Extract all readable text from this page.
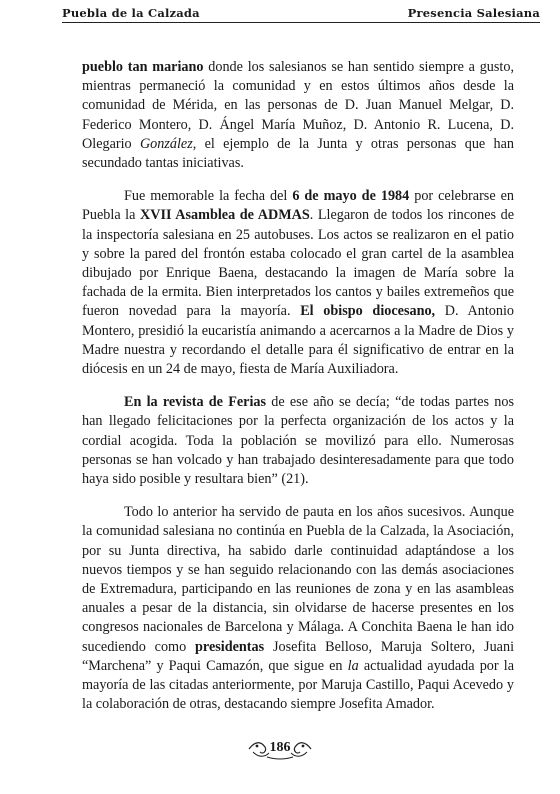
Puebla de la Calzada	Presencia Salesiana

pueblo tan mariano donde los salesianos se han sentido siempre a gusto, mientras permaneció la comunidad y en estos últimos años desde la comunidad de Mérida, en las personas de D. Juan Manuel Melgar, D. Federico Montero, D. Ángel María Muñoz, D. Antonio R. Lucena, D. Olegario González, el ejemplo de la Junta y otras personas que han secundado tantas iniciativas.

Fue memorable la fecha del 6 de mayo de 1984 por celebrarse en Puebla la XVII Asamblea de ADMAS. Llegaron de todos los rincones de la inspectoría salesiana en 25 autobuses. Los actos se realizaron en el patio y sobre la pared del frontón estaba colocado el gran cartel de la asamblea dibujado por Enrique Baena, destacando la imagen de María sobre la fachada de la ermita. Bien interpretados los cantos y bailes extremeños que fueron novedad para la mayoría. El obispo diocesano, D. Antonio Montero, presidió la eucaristía animando a acercarnos a la Madre de Dios y Madre nuestra y recordando el detalle para él significativo de entrar en la diócesis en un 24 de mayo, fiesta de María Auxiliadora.

En la revista de Ferias de ese año se decía; “de todas partes nos han llegado felicitaciones por la perfecta organización de los actos y la cordial acogida. Toda la población se movilizó para ello. Numerosas personas se han volcado y han trabajado desinteresadamente para que todo haya sido posible y resultara bien” (21).

Todo lo anterior ha servido de pauta en los años sucesivos. Aunque la comunidad salesiana no continúa en Puebla de la Calzada, la Asociación, por su Junta directiva, ha sabido darle continuidad adaptándose a los nuevos tiempos y se han seguido relacionando con las demás asociaciones de Extremadura, participando en las reuniones de zona y en las asambleas anuales a pesar de la distancia, sin olvidarse de hacerse presentes en los congresos nacionales de Barcelona y Málaga. A Conchita Baena le han ido sucediendo como presidentas Josefita Belloso, Maruja Soltero, Juani “Marchena” y Paqui Camazón, que sigue en la actualidad ayudada por la mayoría de las citadas anteriormente, por Maruja Castillo, Paqui Acevedo y la colaboración de otras, destacando siempre Josefita Amador.

186
